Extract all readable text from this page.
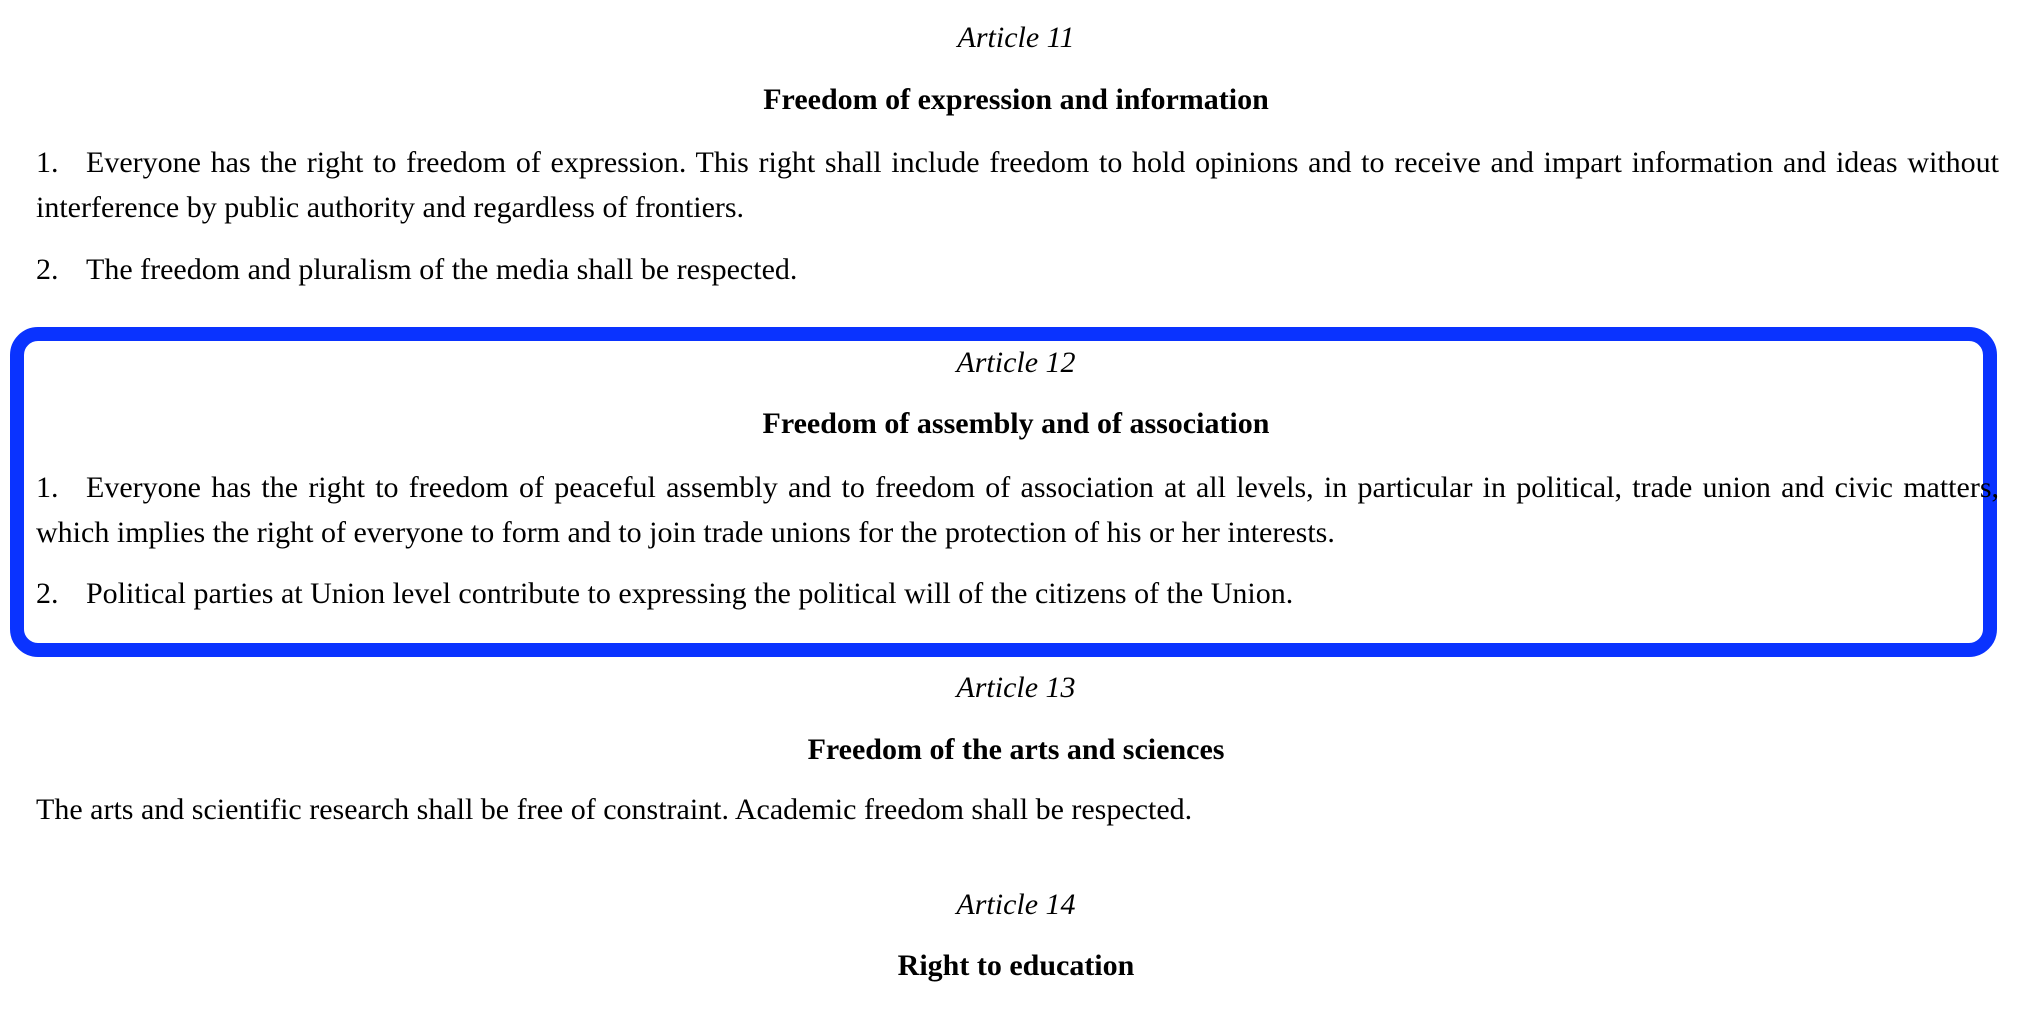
Article 11

Freedom of expression and information

1. Everyone has the right to freedom of expression. This right shall include freedom to hold opinions and to receive and impart information and ideas without interference by public authority and regardless of frontiers.

2. The freedom and pluralism of the media shall be respected.

Article 12

Freedom of assembly and of association

1. Everyone has the right to freedom of peaceful assembly and to freedom of association at all levels, in particular in political, trade union and civic matters, which implies the right of everyone to form and to join trade unions for the protection of his or her interests.

2. Political parties at Union level contribute to expressing the political will of the citizens of the Union.

Article 13

Freedom of the arts and sciences

The arts and scientific research shall be free of constraint. Academic freedom shall be respected.

Article 14

Right to education
